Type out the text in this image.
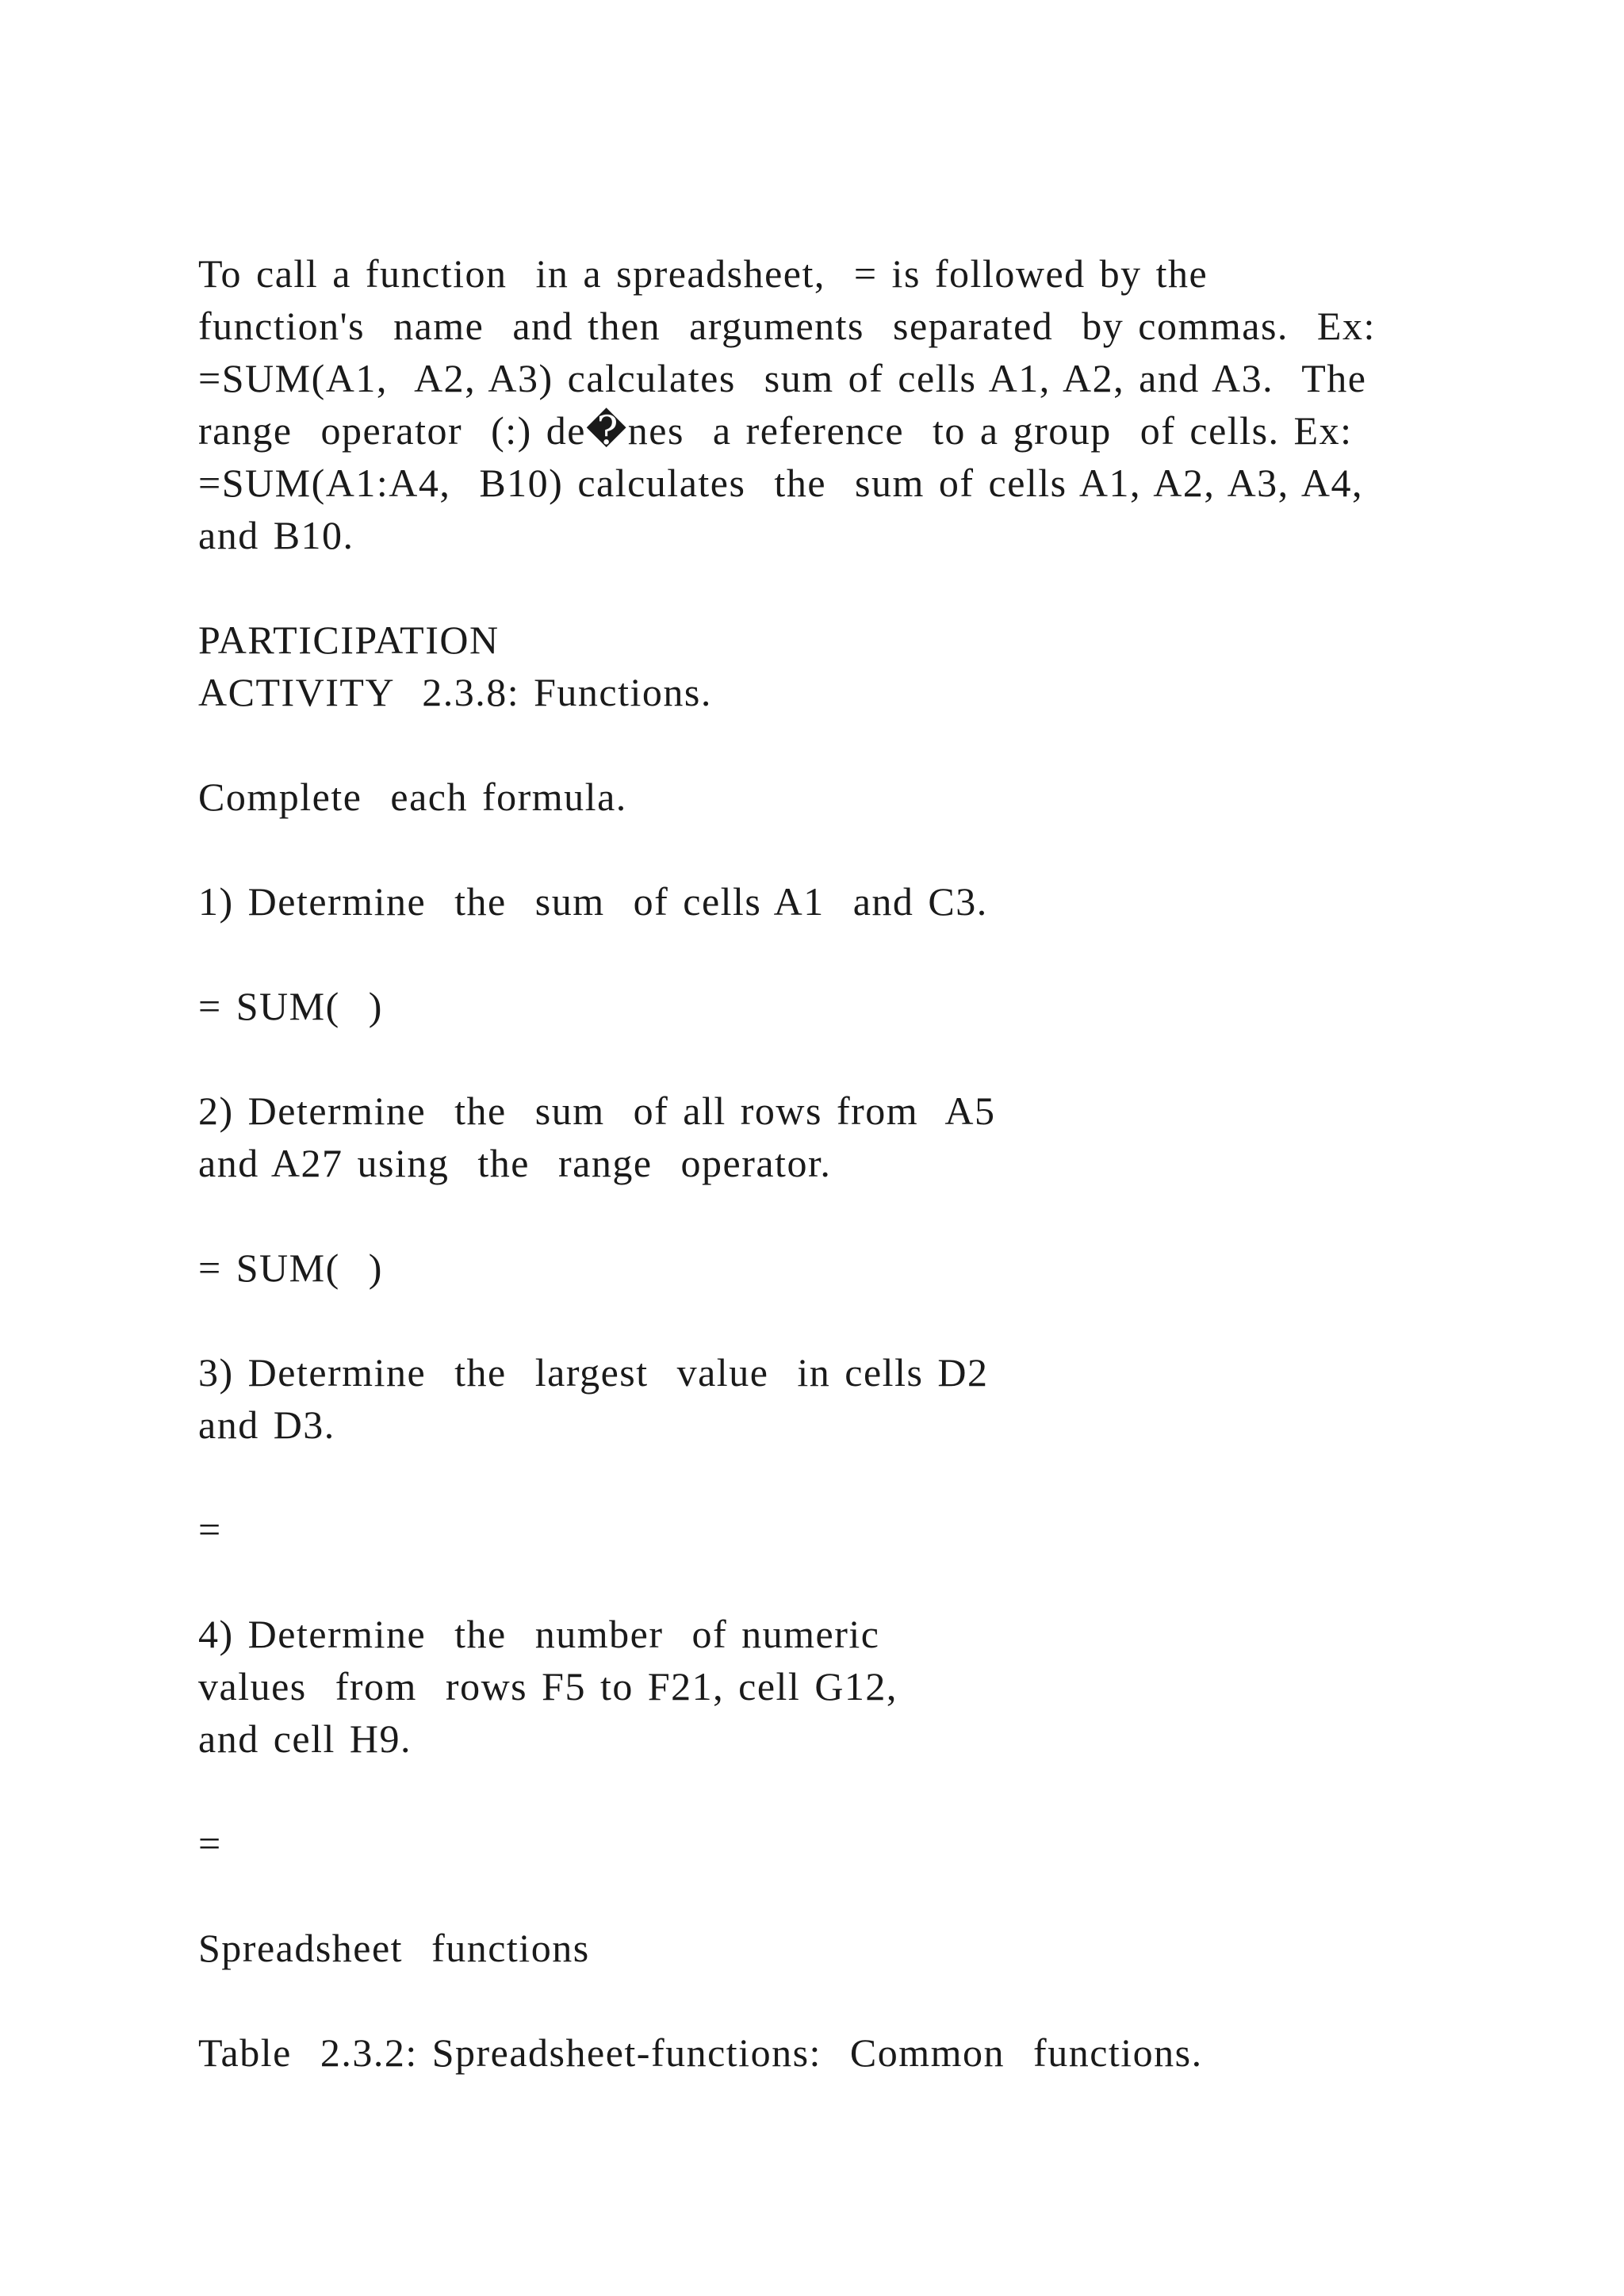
To call a function  in a spreadsheet,  = is followed by the
function's  name  and then  arguments  separated  by commas.  Ex:
=SUM(A1,  A2, A3) calculates  sum of cells A1, A2, and A3.  The
range  operator  (:) de�nes  a reference  to a group  of cells. Ex:
=SUM(A1:A4,  B10) calculates  the  sum of cells A1, A2, A3, A4,
and B10.
PARTICIPATION
ACTIVITY  2.3.8: Functions.
Complete  each formula.
1) Determine  the  sum  of cells A1  and C3.
= SUM(  )
2) Determine  the  sum  of all rows from  A5
and A27 using  the  range  operator.
= SUM(  )
3) Determine  the  largest  value  in cells D2
and D3.
=
4) Determine  the  number  of numeric
values  from  rows F5 to F21, cell G12,
and cell H9.
=
Spreadsheet  functions
Table  2.3.2: Spreadsheet-functions:  Common  functions.
